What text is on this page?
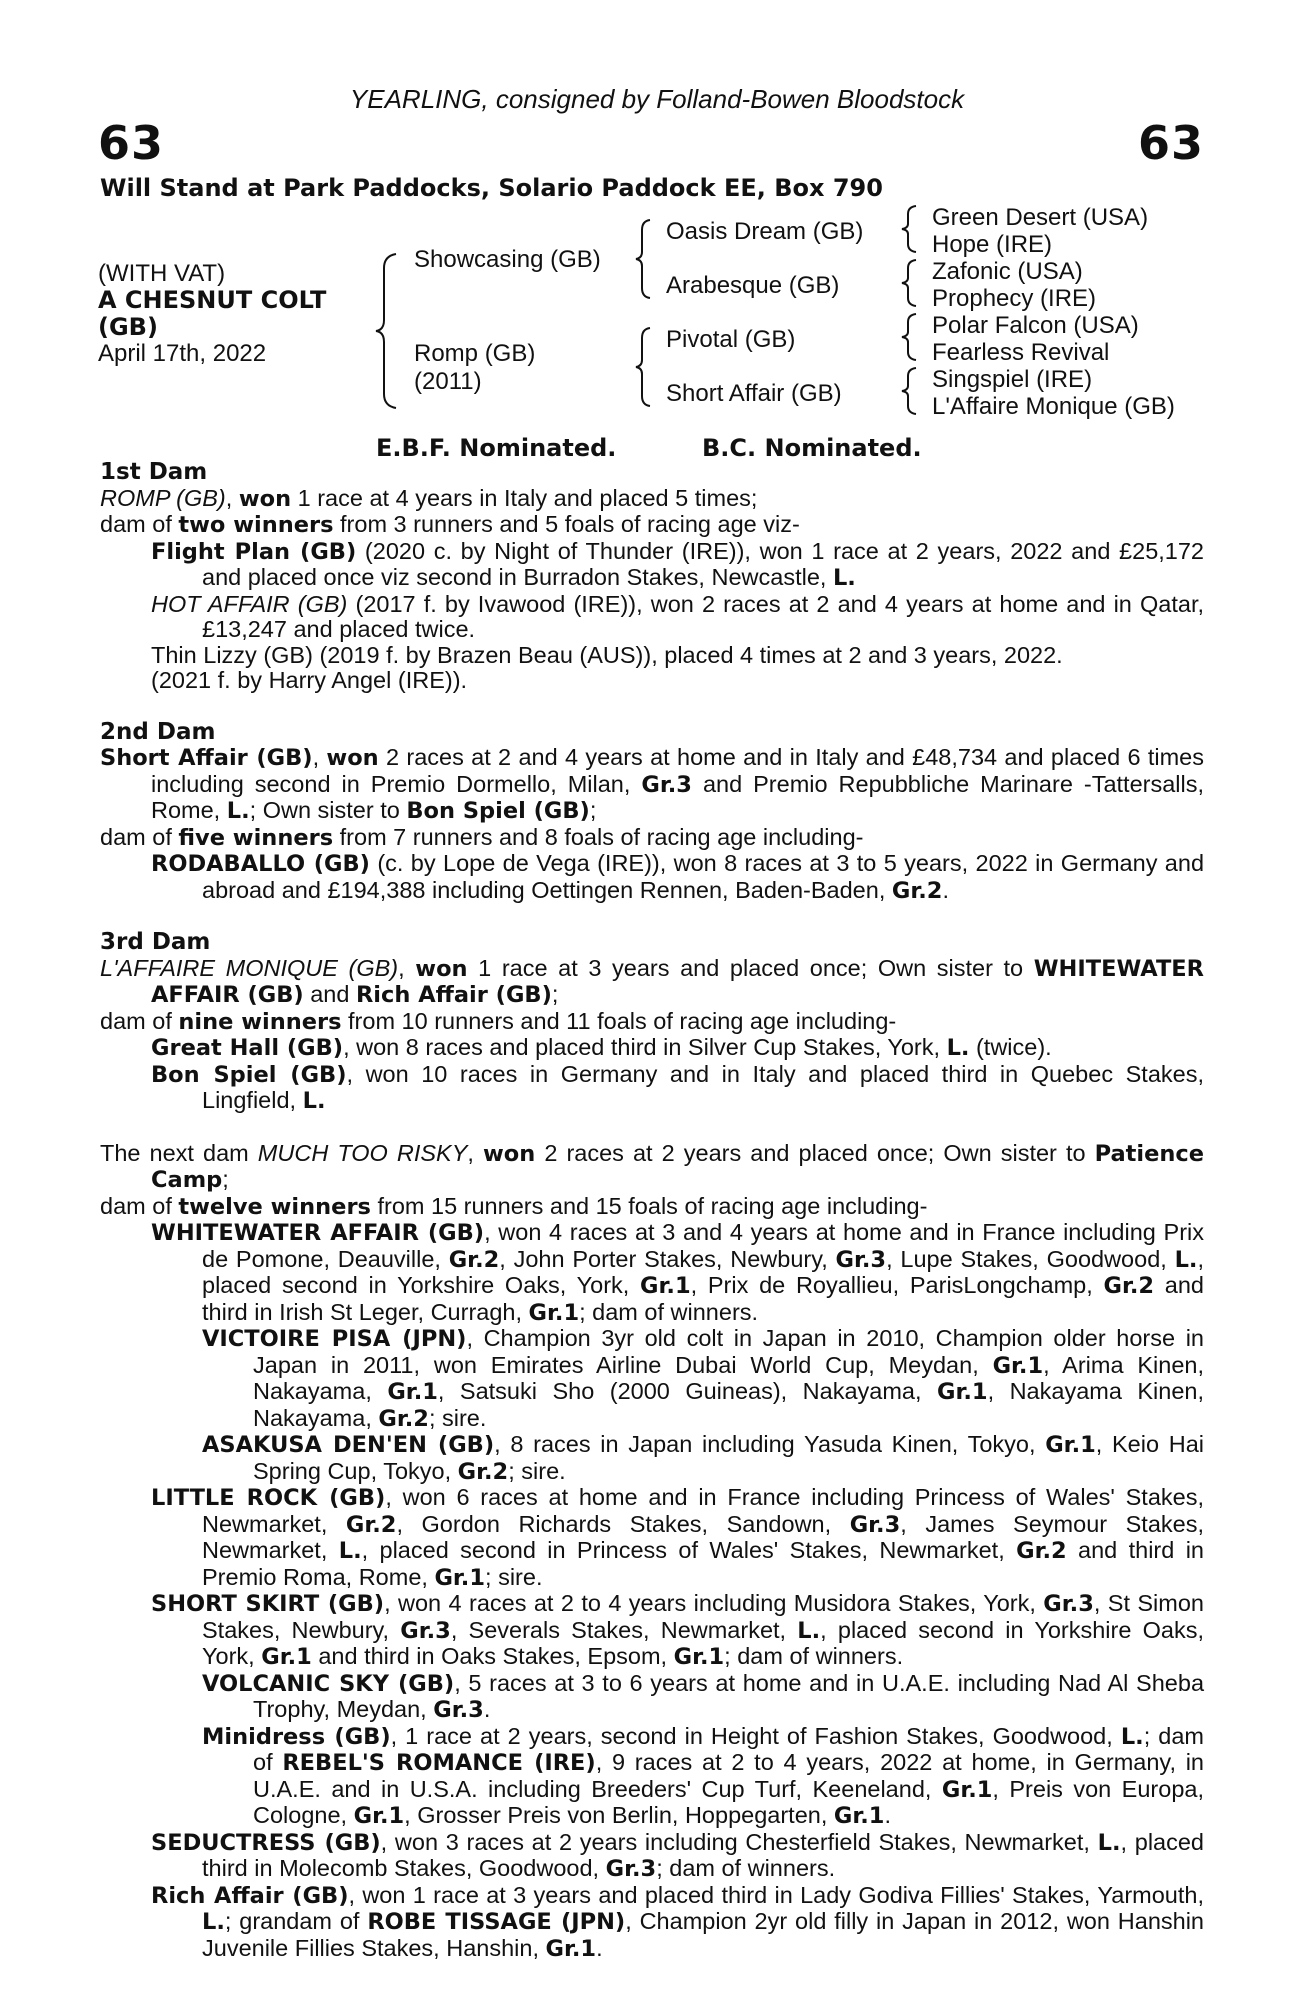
YEARLING, consigned by Folland-Bowen Bloodstock
63	63
Will Stand at Park Paddocks, Solario Paddock EE, Box 790
(WITH VAT)
A CHESNUT COLT
(GB)
April 17th, 2022
Showcasing (GB)
Romp (GB)
(2011)
Oasis Dream (GB)
Arabesque (GB)
Pivotal (GB)
Short Affair (GB)
Green Desert (USA)
Hope (IRE)
Zafonic (USA)
Prophecy (IRE)
Polar Falcon (USA)
Fearless Revival
Singspiel (IRE)
L'Affaire Monique (GB)
E.B.F. Nominated.	B.C. Nominated.
1st Dam
ROMP (GB), won 1 race at 4 years in Italy and placed 5 times;
dam of two winners from 3 runners and 5 foals of racing age viz-
Flight Plan (GB) (2020 c. by Night of Thunder (IRE)), won 1 race at 2 years, 2022 and £25,172 and placed once viz second in Burradon Stakes, Newcastle, L.
HOT AFFAIR (GB) (2017 f. by Ivawood (IRE)), won 2 races at 2 and 4 years at home and in Qatar, £13,247 and placed twice.
Thin Lizzy (GB) (2019 f. by Brazen Beau (AUS)), placed 4 times at 2 and 3 years, 2022.
(2021 f. by Harry Angel (IRE)).
2nd Dam
Short Affair (GB), won 2 races at 2 and 4 years at home and in Italy and £48,734 and placed 6 times including second in Premio Dormello, Milan, Gr.3 and Premio Repubbliche Marinare -Tattersalls, Rome, L.; Own sister to Bon Spiel (GB);
dam of five winners from 7 runners and 8 foals of racing age including-
RODABALLO (GB) (c. by Lope de Vega (IRE)), won 8 races at 3 to 5 years, 2022 in Germany and abroad and £194,388 including Oettingen Rennen, Baden-Baden, Gr.2.
3rd Dam
L'AFFAIRE MONIQUE (GB), won 1 race at 3 years and placed once; Own sister to WHITEWATER AFFAIR (GB) and Rich Affair (GB);
dam of nine winners from 10 runners and 11 foals of racing age including-
Great Hall (GB), won 8 races and placed third in Silver Cup Stakes, York, L. (twice).
Bon Spiel (GB), won 10 races in Germany and in Italy and placed third in Quebec Stakes, Lingfield, L.
The next dam MUCH TOO RISKY, won 2 races at 2 years and placed once; Own sister to Patience Camp;
dam of twelve winners from 15 runners and 15 foals of racing age including-
WHITEWATER AFFAIR (GB), won 4 races at 3 and 4 years at home and in France including Prix de Pomone, Deauville, Gr.2, John Porter Stakes, Newbury, Gr.3, Lupe Stakes, Goodwood, L., placed second in Yorkshire Oaks, York, Gr.1, Prix de Royallieu, ParisLongchamp, Gr.2 and third in Irish St Leger, Curragh, Gr.1; dam of winners.
VICTOIRE PISA (JPN), Champion 3yr old colt in Japan in 2010, Champion older horse in Japan in 2011, won Emirates Airline Dubai World Cup, Meydan, Gr.1, Arima Kinen, Nakayama, Gr.1, Satsuki Sho (2000 Guineas), Nakayama, Gr.1, Nakayama Kinen, Nakayama, Gr.2; sire.
ASAKUSA DEN'EN (GB), 8 races in Japan including Yasuda Kinen, Tokyo, Gr.1, Keio Hai Spring Cup, Tokyo, Gr.2; sire.
LITTLE ROCK (GB), won 6 races at home and in France including Princess of Wales' Stakes, Newmarket, Gr.2, Gordon Richards Stakes, Sandown, Gr.3, James Seymour Stakes, Newmarket, L., placed second in Princess of Wales' Stakes, Newmarket, Gr.2 and third in Premio Roma, Rome, Gr.1; sire.
SHORT SKIRT (GB), won 4 races at 2 to 4 years including Musidora Stakes, York, Gr.3, St Simon Stakes, Newbury, Gr.3, Severals Stakes, Newmarket, L., placed second in Yorkshire Oaks, York, Gr.1 and third in Oaks Stakes, Epsom, Gr.1; dam of winners.
VOLCANIC SKY (GB), 5 races at 3 to 6 years at home and in U.A.E. including Nad Al Sheba Trophy, Meydan, Gr.3.
Minidress (GB), 1 race at 2 years, second in Height of Fashion Stakes, Goodwood, L.; dam of REBEL'S ROMANCE (IRE), 9 races at 2 to 4 years, 2022 at home, in Germany, in U.A.E. and in U.S.A. including Breeders' Cup Turf, Keeneland, Gr.1, Preis von Europa, Cologne, Gr.1, Grosser Preis von Berlin, Hoppegarten, Gr.1.
SEDUCTRESS (GB), won 3 races at 2 years including Chesterfield Stakes, Newmarket, L., placed third in Molecomb Stakes, Goodwood, Gr.3; dam of winners.
Rich Affair (GB), won 1 race at 3 years and placed third in Lady Godiva Fillies' Stakes, Yarmouth, L.; grandam of ROBE TISSAGE (JPN), Champion 2yr old filly in Japan in 2012, won Hanshin Juvenile Fillies Stakes, Hanshin, Gr.1.
